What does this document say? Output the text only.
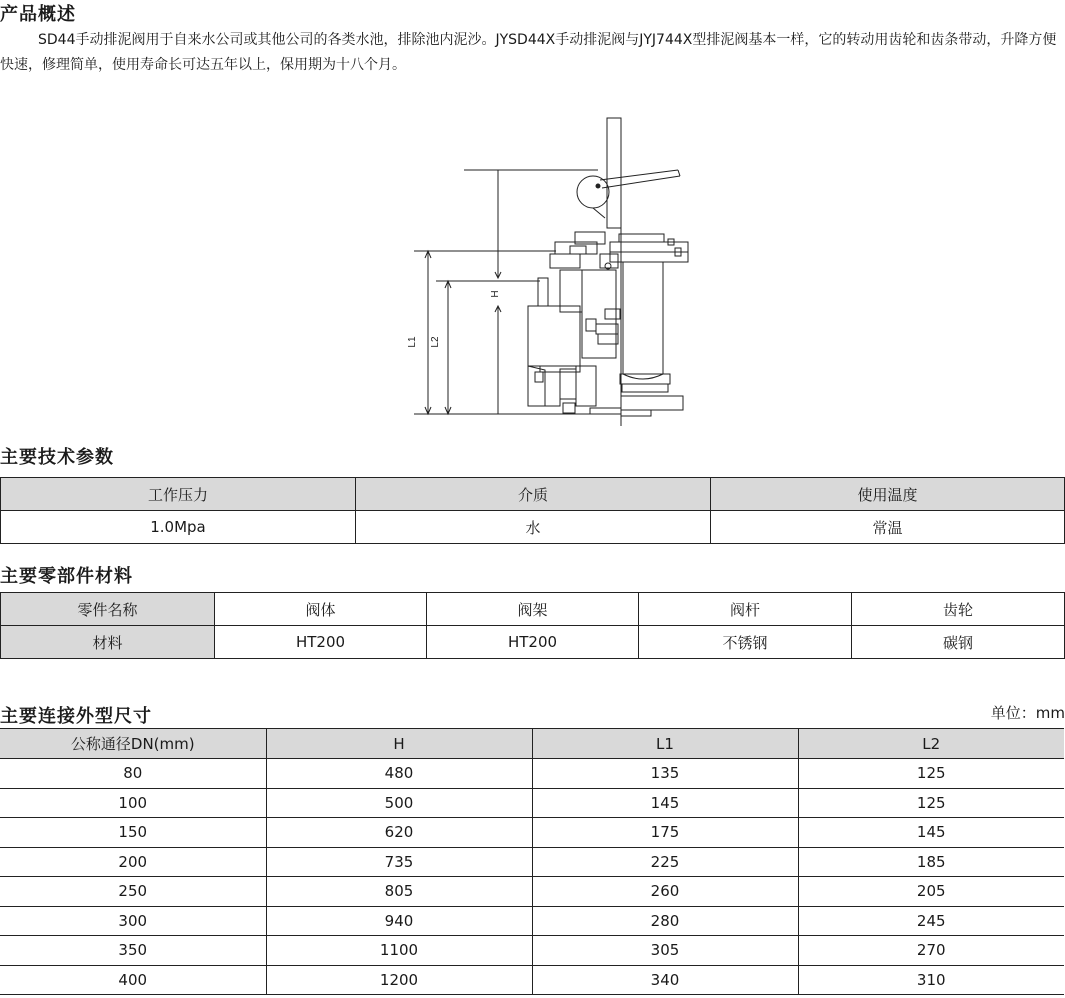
产品概述

SD44手动排泥阀用于自来水公司或其他公司的各类水池，排除池内泥沙。JYSD44X手动排泥阀与JYJ744X型排泥阀基本一样，它的转动用齿轮和齿条带动，升降方便快速，修理简单，使用寿命长可达五年以上，保用期为十八个月。

H
L1 L2
主要技术参数
工作压力	介质	使用温度
1.0Mpa	水	常温
主要零部件材料
零件名称	阀体	阀架	阀杆	齿轮
材料	HT200	HT200	不锈钢	碳钢
主要连接外型尺寸	单位：mm
公称通径DN(mm)	H	L1	L2
80	480	135	125
100	500	145	125
150	620	175	145
200	735	225	185
250	805	260	205
300	940	280	245
350	1100	305	270
400	1200	340	310
